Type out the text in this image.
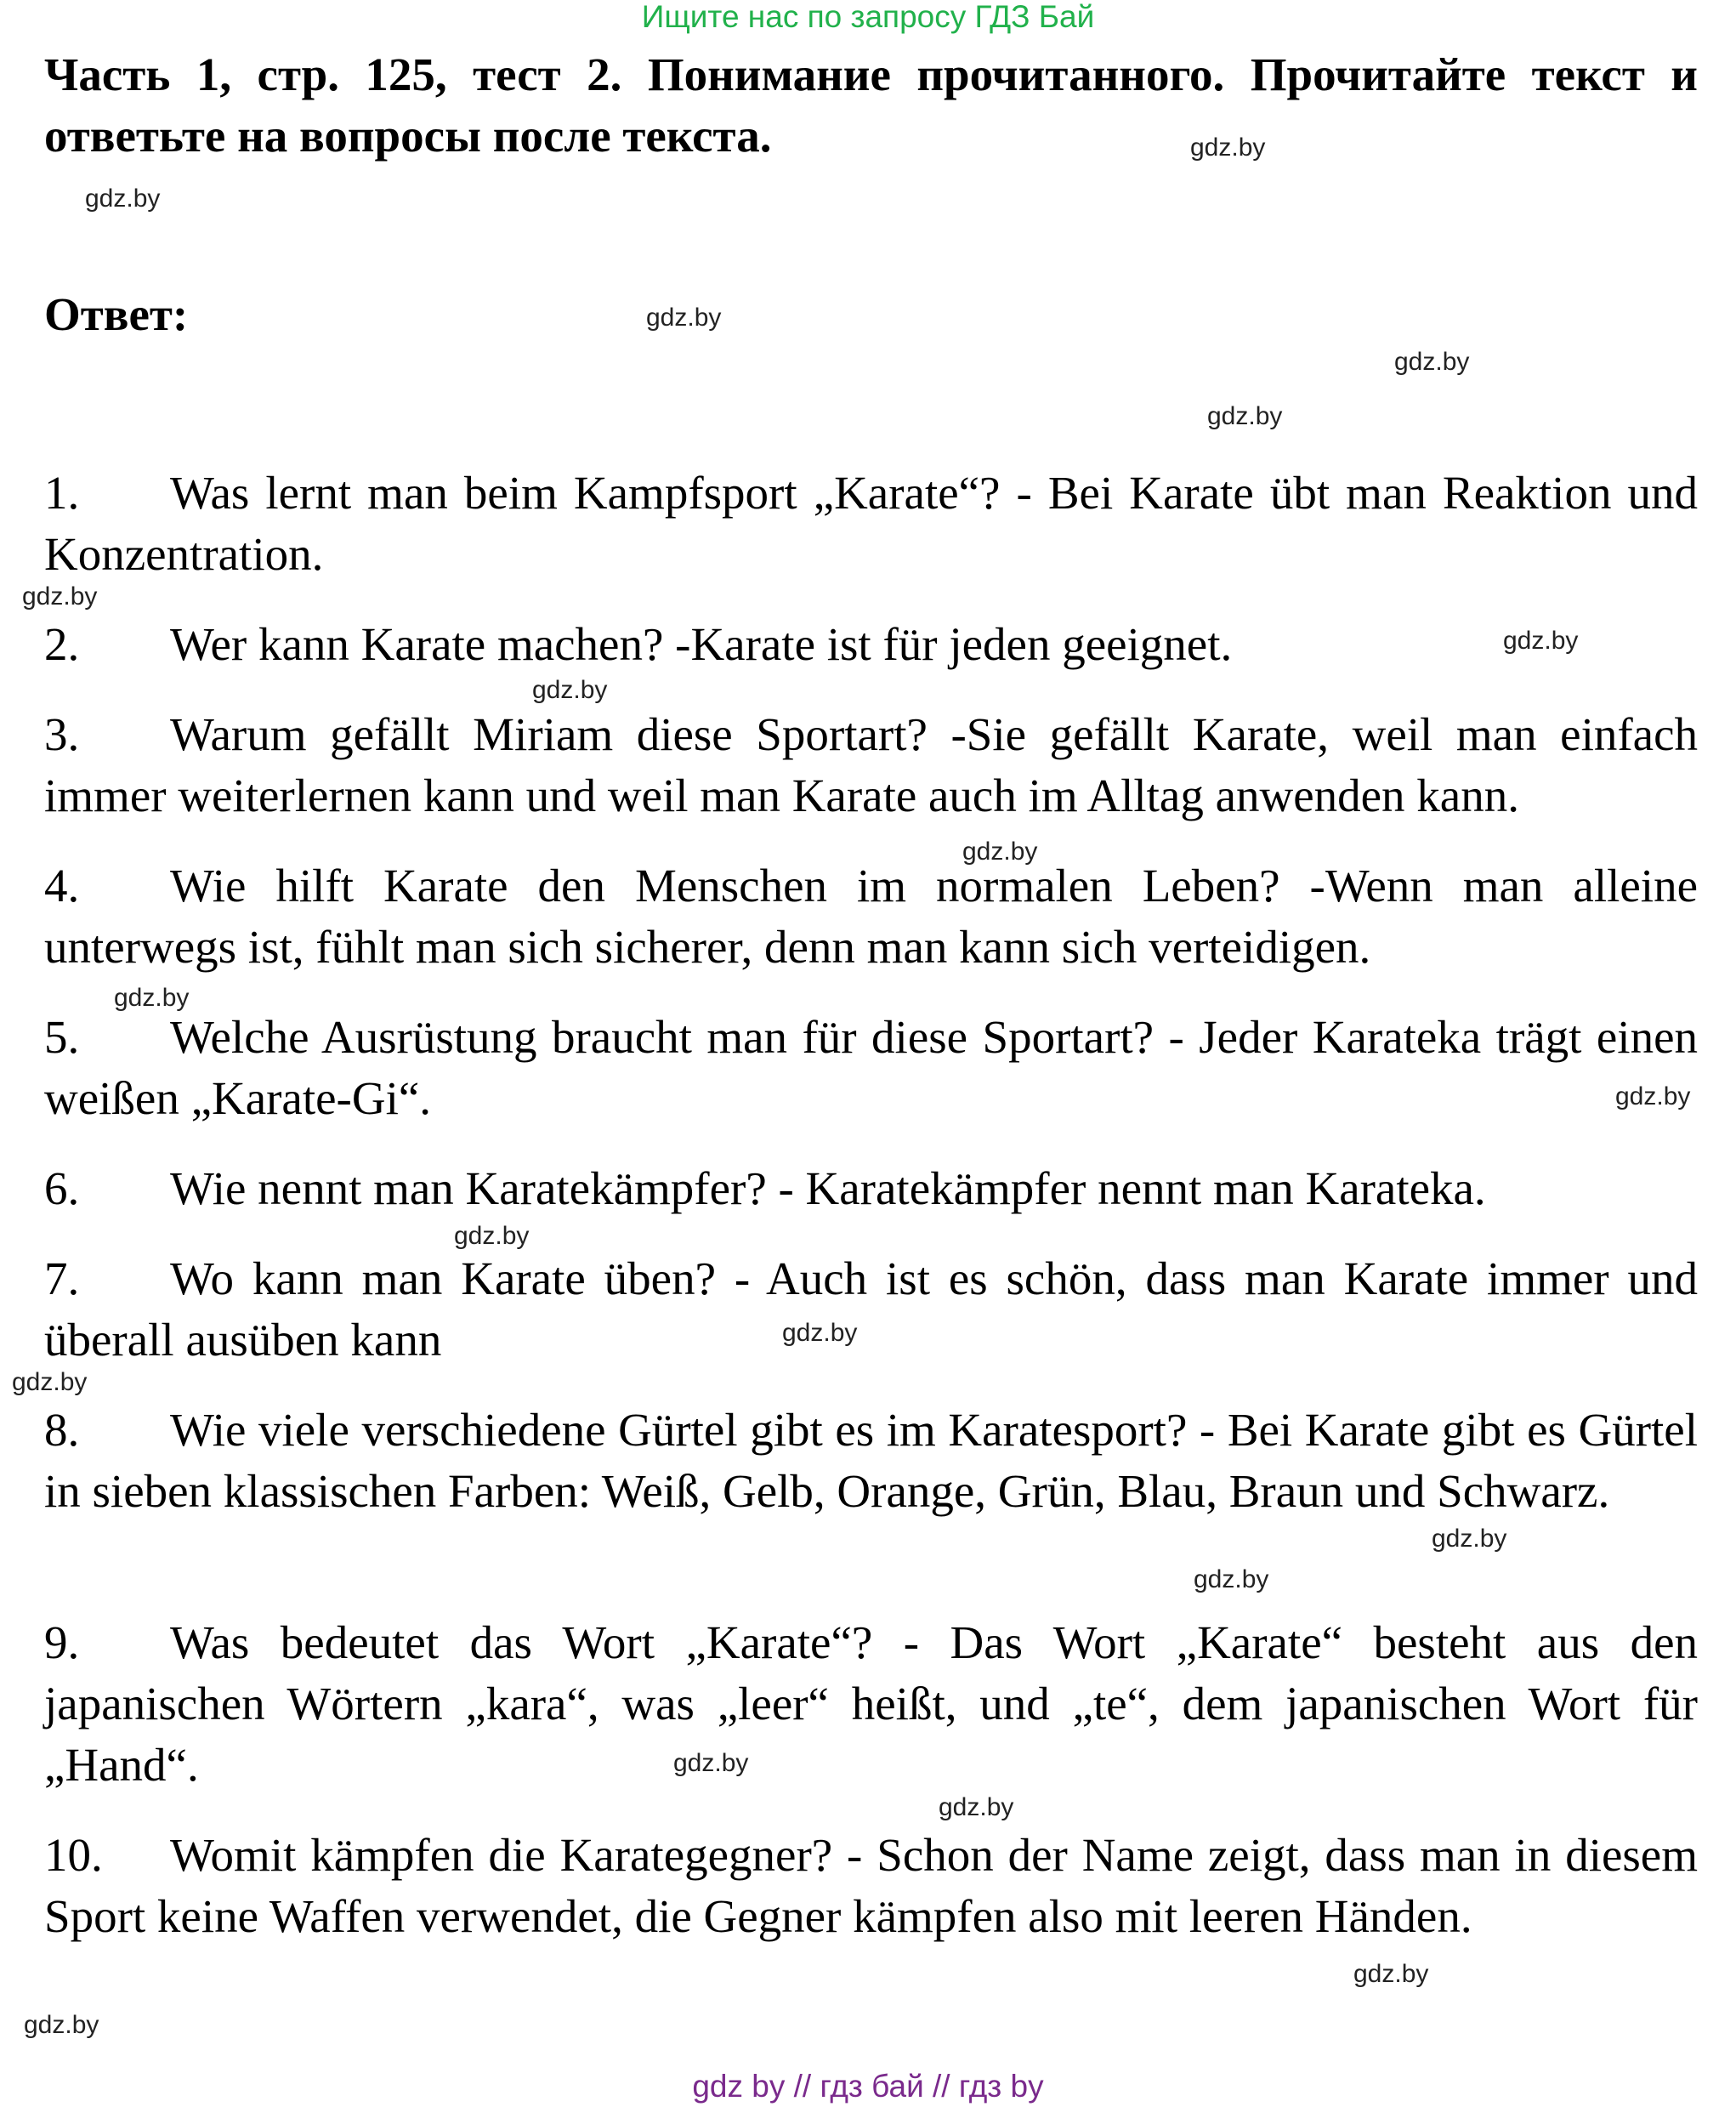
Ищите нас по запросу ГДЗ Бай
Часть 1, стр. 125, тест 2. Понимание прочитанного. Прочитайте текст и ответьте на вопросы после текста.
Ответ:
1. Was lernt man beim Kampfsport „Karate“? - Bei Karate übt man Reaktion und Konzentration.
2. Wer kann Karate machen? -Karate ist für jeden geeignet.
3. Warum gefällt Miriam diese Sportart? -Sie gefällt Karate, weil man einfach immer weiterlernen kann und weil man Karate auch im Alltag anwenden kann.
4. Wie hilft Karate den Menschen im normalen Leben? -Wenn man alleine unterwegs ist, fühlt man sich sicherer, denn man kann sich verteidigen.
5. Welche Ausrüstung braucht man für diese Sportart? - Jeder Karateka trägt einen weißen „Karate-Gi“.
6. Wie nennt man Karatekämpfer? - Karatekämpfer nennt man Karateka.
7. Wo kann man Karate üben? - Auch ist es schön, dass man Karate immer und überall ausüben kann
8. Wie viele verschiedene Gürtel gibt es im Karatesport? - Bei Karate gibt es Gürtel in sieben klassischen Farben: Weiß, Gelb, Orange, Grün, Blau, Braun und Schwarz.
9. Was bedeutet das Wort „Karate“? - Das Wort „Karate“ besteht aus den japanischen Wörtern „kara“, was „leer“ heißt, und „te“, dem japanischen Wort für „Hand“.
10. Womit kämpfen die Karategegner? - Schon der Name zeigt, dass man in diesem Sport keine Waffen verwendet, die Gegner kämpfen also mit leeren Händen.
gdz.by
gdz.by
gdz.by
gdz.by
gdz.by
gdz.by
gdz.by
gdz.by
gdz.by
gdz.by
gdz.by
gdz.by
gdz.by
gdz.by
gdz.by
gdz.by
gdz.by
gdz.by
gdz.by
gdz.by
gdz by // гдз бай // гдз by
